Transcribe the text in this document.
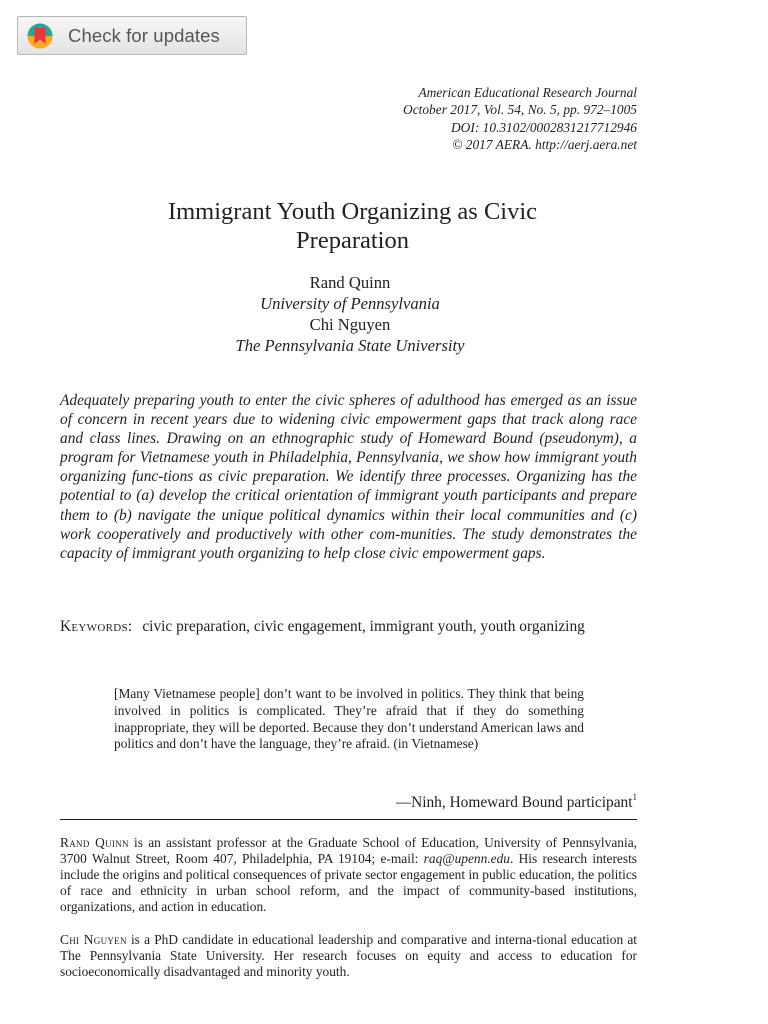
Check for updates
American Educational Research Journal
October 2017, Vol. 54, No. 5, pp. 972–1005
DOI: 10.3102/0002831217712946
© 2017 AERA. http://aerj.aera.net
Immigrant Youth Organizing as Civic
Preparation
Rand Quinn
University of Pennsylvania
Chi Nguyen
The Pennsylvania State University

Adequately preparing youth to enter the civic spheres of adulthood has emerged as an issue of concern in recent years due to widening civic empowerment gaps that track along race and class lines. Drawing on an ethnographic study of Homeward Bound (pseudonym), a program for Vietnamese youth in Philadelphia, Pennsylvania, we show how immigrant youth organizing func-tions as civic preparation. We identify three processes. Organizing has the potential to (a) develop the critical orientation of immigrant youth participants and prepare them to (b) navigate the unique political dynamics within their local communities and (c) work cooperatively and productively with other com-munities. The study demonstrates the capacity of immigrant youth organizing to help close civic empowerment gaps.

Keywords: civic preparation, civic engagement, immigrant youth, youth organizing

[Many Vietnamese people] don’t want to be involved in politics. They think that being involved in politics is complicated. They’re afraid that if they do something inappropriate, they will be deported. Because they don’t understand American laws and politics and don’t have the language, they’re afraid. (in Vietnamese)

—Ninh, Homeward Bound participant$^1$

Rand Quinn is an assistant professor at the Graduate School of Education, University of Pennsylvania, 3700 Walnut Street, Room 407, Philadelphia, PA 19104; e-mail: raq@upenn.edu. His research interests include the origins and political consequences of private sector engagement in public education, the politics of race and ethnicity in urban school reform, and the impact of community-based institutions, organizations, and action in education.

Chi Nguyen is a PhD candidate in educational leadership and comparative and interna-tional education at The Pennsylvania State University. Her research focuses on equity and access to education for socioeconomically disadvantaged and minority youth.
